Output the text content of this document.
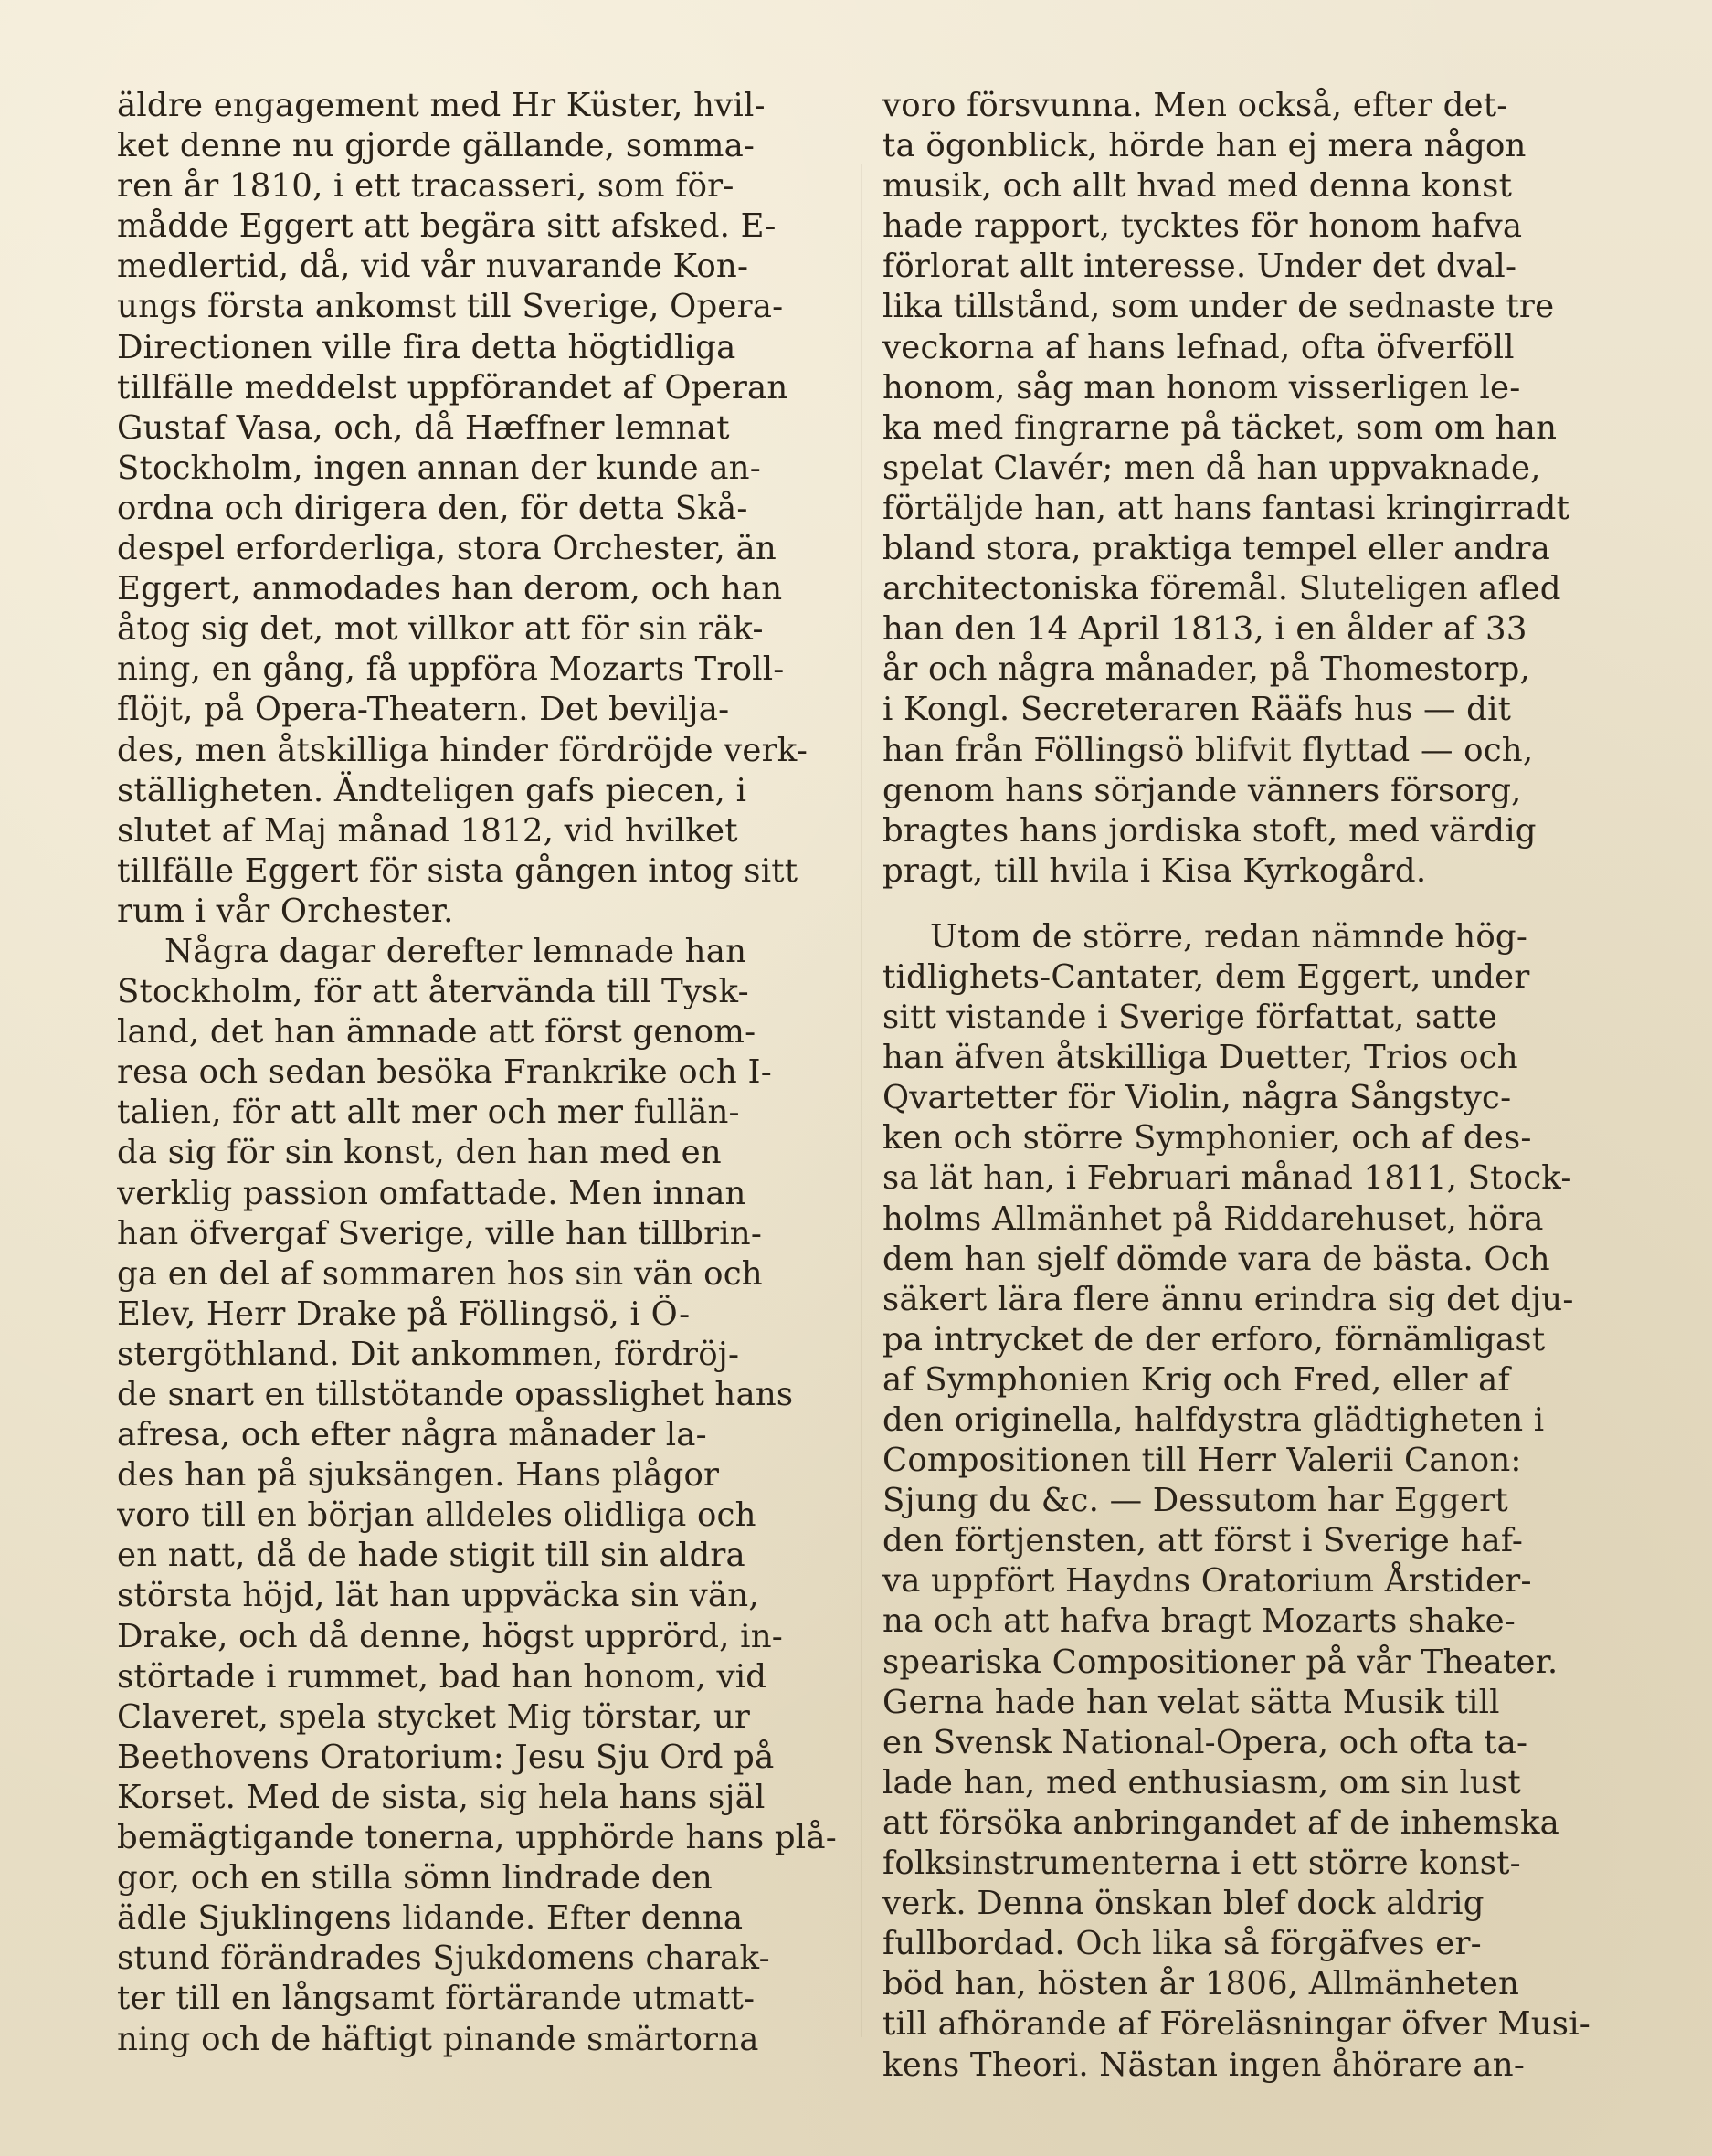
äldre engagement med Hr Küster, hvil-
ket denne nu gjorde gällande, somma-
ren år 1810, i ett tracasseri, som för-
mådde Eggert att begära sitt afsked. E-
medlertid, då, vid vår nuvarande Kon-
ungs första ankomst till Sverige, Opera-
Directionen ville fira detta högtidliga
tillfälle meddelst uppförandet af Operan
Gustaf Vasa, och, då Hæffner lemnat
Stockholm, ingen annan der kunde an-
ordna och dirigera den, för detta Skå-
despel erforderliga, stora Orchester, än
Eggert, anmodades han derom, och han
åtog sig det, mot villkor att för sin räk-
ning, en gång, få uppföra Mozarts Troll-
flöjt, på Opera-Theatern. Det beviljа-
des, men åtskilliga hinder fördröjde verk-
ställigheten. Ändteligen gafs piecen, i
slutet af Maj månad 1812, vid hvilket
tillfälle Eggert för sista gången intog sitt
rum i vår Orchester.
Några dagar derefter lemnade han
Stockholm, för att återvända till Tysk-
land, det han ämnade att först genom-
resa och sedan besöka Frankrike och I-
talien, för att allt mer och mer fullän-
da sig för sin konst, den han med en
verklig passion omfattade. Men innan
han öfvergaf Sverige, ville han tillbrin-
ga en del af sommaren hos sin vän och
Elev, Herr Drake på Föllingsö, i Ö-
stergöthland. Dit ankommen, fördröj-
de snart en tillstötande opasslighet hans
afresa, och efter några månader la-
des han på sjuksängen. Hans plågor
voro till en början alldeles olidliga och
en natt, då de hade stigit till sin aldra
största höjd, lät han uppväcka sin vän,
Drake, och då denne, högst upprörd, in-
störtade i rummet, bad han honom, vid
Claveret, spela stycket Mig törstar, ur
Beethovens Oratorium: Jesu Sju Ord på
Korset. Med de sista, sig hela hans själ
bemägtigande tonerna, upphörde hans plå-
gor, och en stilla sömn lindrade den
ädle Sjuklingens lidande. Efter denna
stund förändrades Sjukdomens charak-
ter till en långsamt förtärande utmatt-
ning och de häftigt pinande smärtorna
voro försvunna. Men också, efter det-
ta ögonblick, hörde han ej mera någon
musik, och allt hvad med denna konst
hade rapport, tycktes för honom hafva
förlorat allt interesse. Under det dval-
lika tillstånd, som under de sednaste tre
veckorna af hans lefnad, ofta öfverföll
honom, såg man honom visserligen le-
ka med fingrarne på täcket, som om han
spelat Clavér; men då han uppvaknade,
förtäljde han, att hans fantasi kringirradt
bland stora, praktiga tempel eller andra
architectoniska föremål. Sluteligen afled
han den 14 April 1813, i en ålder af 33
år och några månader, på Thomestorp,
i Kongl. Secreteraren Rääfs hus — dit
han från Föllingsö blifvit flyttad — och,
genom hans sörjande vänners försorg,
bragtes hans jordiska stoft, med värdig
pragt, till hvila i Kisa Kyrkogård.
Utom de större, redan nämnde hög-
tidlighets-Cantater, dem Eggert, under
sitt vistande i Sverige författat, satte
han äfven åtskilliga Duetter, Trios och
Qvartetter för Violin, några Sångstyc-
ken och större Symphonier, och af des-
sa lät han, i Februari månad 1811, Stock-
holms Allmänhet på Riddarehuset, höra
dem han sjelf dömde vara de bästa. Och
säkert lära flere ännu erindra sig det dju-
pa intrycket de der erforo, förnämligast
af Symphonien Krig och Fred, eller af
den originella, halfdystra glädtigheten i
Compositionen till Herr Valerii Canon:
Sjung du &c. — Dessutom har Eggert
den förtjensten, att först i Sverige haf-
va uppfört Haydns Oratorium Årstider-
na och att hafva bragt Mozarts shake-
speariska Compositioner på vår Theater.
Gerna hade han velat sätta Musik till
en Svensk National-Opera, och ofta ta-
lade han, med enthusiasm, om sin lust
att försöka anbringandet af de inhemska
folksinstrumenterna i ett större konst-
verk. Denna önskan blef dock aldrig
fullbordad. Och lika så förgäfves er-
böd han, hösten år 1806, Allmänheten
till afhörande af Föreläsningar öfver Musi-
kens Theori. Nästan ingen åhörare an-
